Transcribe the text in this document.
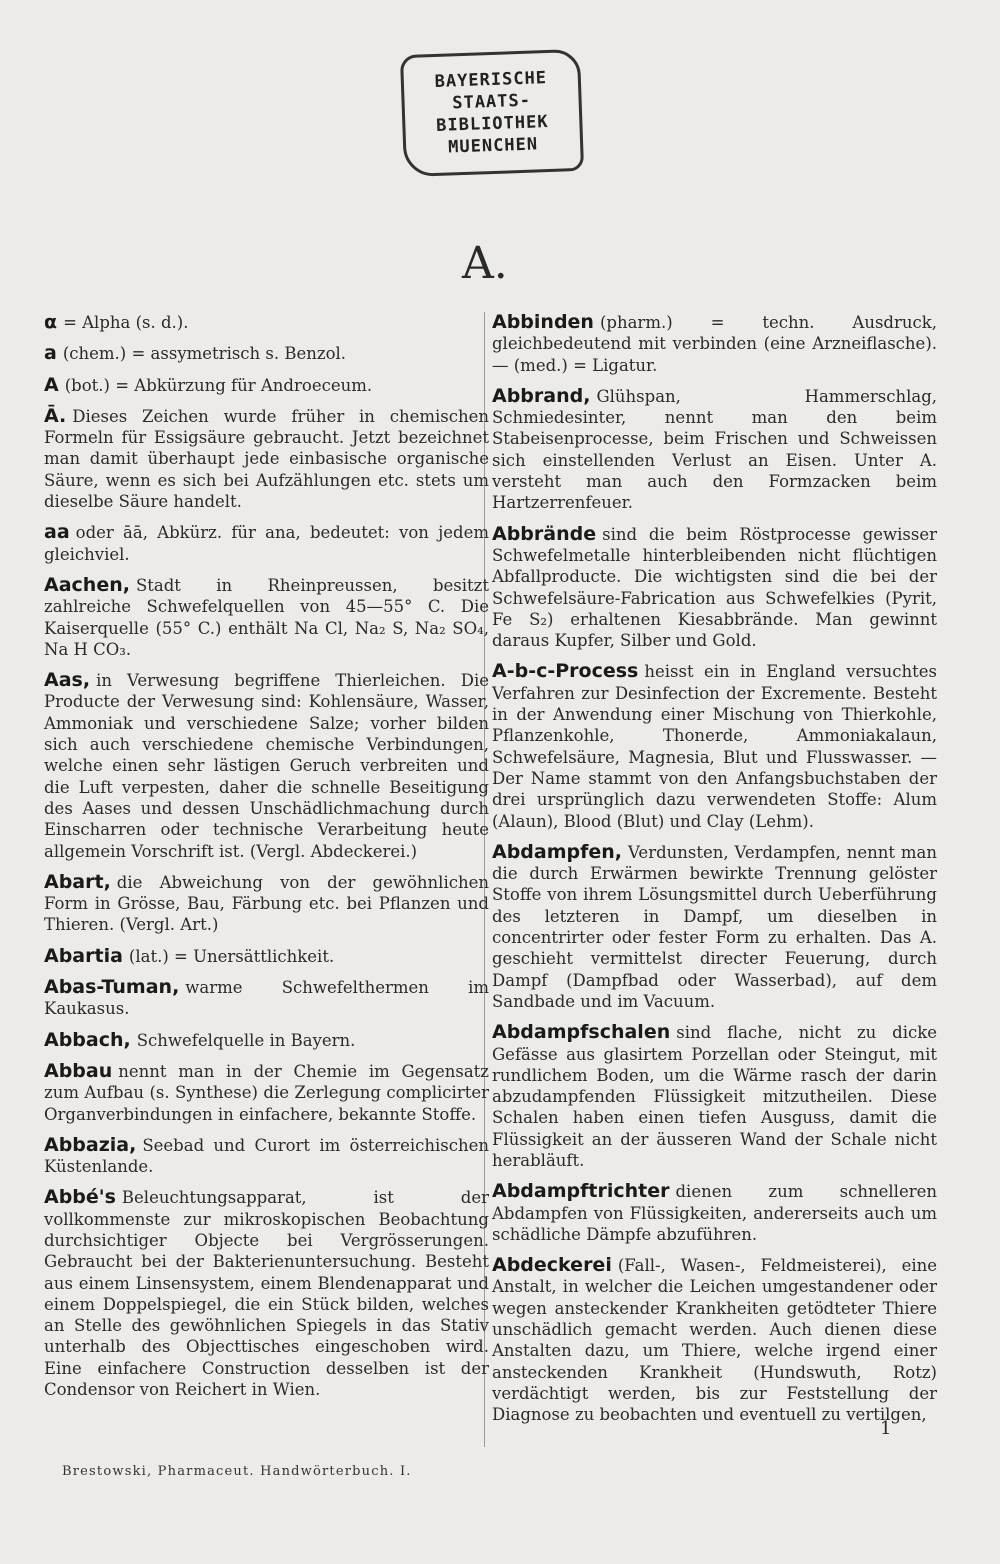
BAYERISCHE
STAATS-
BIBLIOTHEK
MUENCHEN
A.

α = Alpha (s. d.).

a (chem.) = assymetrisch s. Benzol.

A (bot.) = Abkürzung für Androeceum.

Ā. Dieses Zeichen wurde früher in chemischen Formeln für Essigsäure gebraucht. Jetzt bezeichnet man damit überhaupt jede einbasische organische Säure, wenn es sich bei Aufzählungen etc. stets um dieselbe Säure handelt.

aa oder āā, Abkürz. für ana, bedeutet: von jedem gleichviel.

Aachen, Stadt in Rheinpreussen, besitzt zahlreiche Schwefelquellen von 45—55° C. Die Kaiserquelle (55° C.) enthält Na Cl, Na₂ S, Na₂ SO₄, Na H CO₃.

Aas, in Verwesung begriffene Thierleichen. Die Producte der Verwesung sind: Kohlensäure, Wasser, Ammoniak und verschiedene Salze; vorher bilden sich auch verschiedene chemische Verbindungen, welche einen sehr lästigen Geruch verbreiten und die Luft verpesten, daher die schnelle Beseitigung des Aases und dessen Unschädlichmachung durch Einscharren oder technische Verarbeitung heute allgemein Vorschrift ist. (Vergl. Abdeckerei.)

Abart, die Abweichung von der gewöhnlichen Form in Grösse, Bau, Färbung etc. bei Pflanzen und Thieren. (Vergl. Art.)

Abartia (lat.) = Unersättlichkeit.

Abas-Tuman, warme Schwefelthermen im Kaukasus.

Abbach, Schwefelquelle in Bayern.

Abbau nennt man in der Chemie im Gegensatz zum Aufbau (s. Synthese) die Zerlegung complicirter Organverbindungen in einfachere, bekannte Stoffe.

Abbazia, Seebad und Curort im österreichischen Küstenlande.

Abbé's Beleuchtungsapparat, ist der vollkommenste zur mikroskopischen Beobachtung durchsichtiger Objecte bei Vergrösserungen. Gebraucht bei der Bakterienuntersuchung. Besteht aus einem Linsensystem, einem Blendenapparat und einem Doppelspiegel, die ein Stück bilden, welches an Stelle des gewöhnlichen Spiegels in das Stativ unterhalb des Objecttisches eingeschoben wird. Eine einfachere Construction desselben ist der Condensor von Reichert in Wien.

Abbinden (pharm.) = techn. Ausdruck, gleichbedeutend mit verbinden (eine Arzneiflasche). — (med.) = Ligatur.

Abbrand, Glühspan, Hammerschlag, Schmiedesinter, nennt man den beim Stabeisenprocesse, beim Frischen und Schweissen sich einstellenden Verlust an Eisen. Unter A. versteht man auch den Formzacken beim Hartzerrenfeuer.

Abbrände sind die beim Röstprocesse gewisser Schwefelmetalle hinterbleibenden nicht flüchtigen Abfallproducte. Die wichtigsten sind die bei der Schwefelsäure-Fabrication aus Schwefelkies (Pyrit, Fe S₂) erhaltenen Kiesabbrände. Man gewinnt daraus Kupfer, Silber und Gold.

A-b-c-Process heisst ein in England versuchtes Verfahren zur Desinfection der Excremente. Besteht in der Anwendung einer Mischung von Thierkohle, Pflanzenkohle, Thonerde, Ammoniakalaun, Schwefelsäure, Magnesia, Blut und Flusswasser. — Der Name stammt von den Anfangsbuchstaben der drei ursprünglich dazu verwendeten Stoffe: Alum (Alaun), Blood (Blut) und Clay (Lehm).

Abdampfen, Verdunsten, Verdampfen, nennt man die durch Erwärmen bewirkte Trennung gelöster Stoffe von ihrem Lösungsmittel durch Ueberführung des letzteren in Dampf, um dieselben in concentrirter oder fester Form zu erhalten. Das A. geschieht vermittelst directer Feuerung, durch Dampf (Dampfbad oder Wasserbad), auf dem Sandbade und im Vacuum.

Abdampfschalen sind flache, nicht zu dicke Gefässe aus glasirtem Porzellan oder Steingut, mit rundlichem Boden, um die Wärme rasch der darin abzudampfenden Flüssigkeit mitzutheilen. Diese Schalen haben einen tiefen Ausguss, damit die Flüssigkeit an der äusseren Wand der Schale nicht herabläuft.

Abdampftrichter dienen zum schnelleren Abdampfen von Flüssigkeiten, andererseits auch um schädliche Dämpfe abzuführen.

Abdeckerei (Fall-, Wasen-, Feldmeisterei), eine Anstalt, in welcher die Leichen umgestandener oder wegen ansteckender Krankheiten getödteter Thiere unschädlich gemacht werden. Auch dienen diese Anstalten dazu, um Thiere, welche irgend einer ansteckenden Krankheit (Hundswuth, Rotz) verdächtigt werden, bis zur Feststellung der Diagnose zu beobachten und eventuell zu vertilgen,

Brestowski, Pharmaceut. Handwörterbuch. I.
1
